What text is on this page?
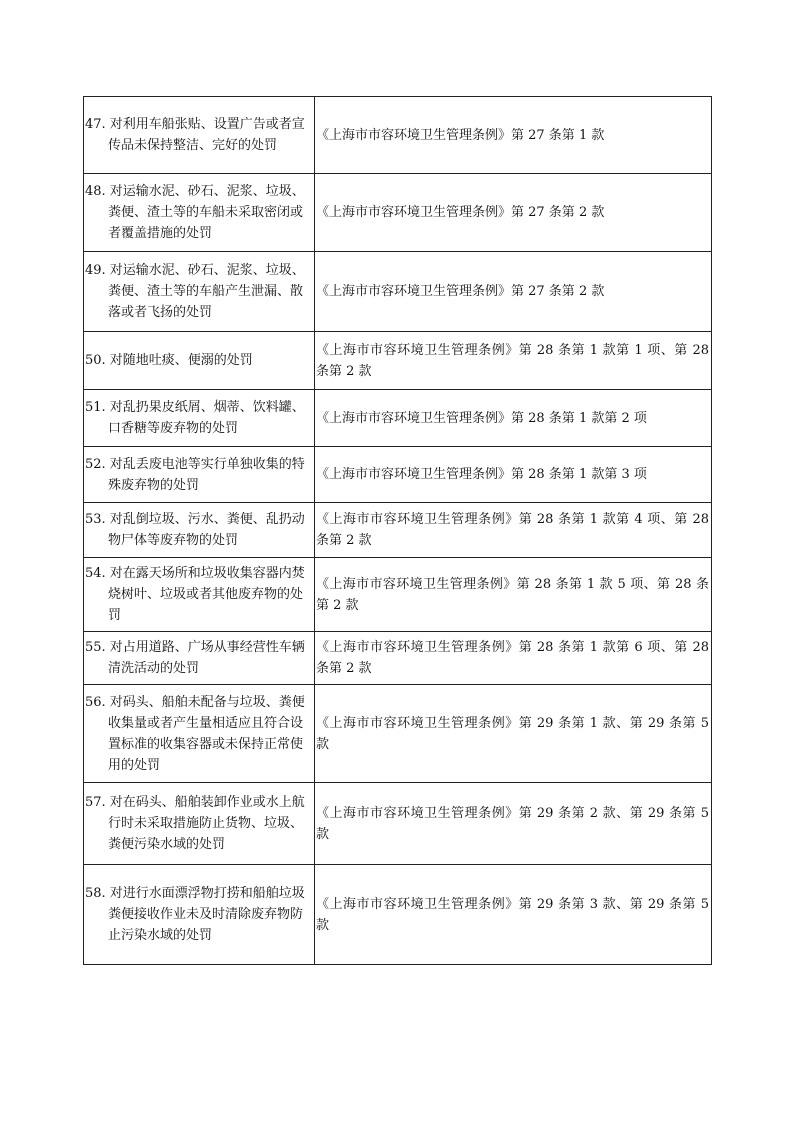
47. 对利用车船张贴、设置广告或者宣传品未保持整洁、完好的处罚	《上海市市容环境卫生管理条例》第 27 条第 1 款

48. 对运输水泥、砂石、泥浆、垃圾、粪便、渣土等的车船未采取密闭或者覆盖措施的处罚	《上海市市容环境卫生管理条例》第 27 条第 2 款

49. 对运输水泥、砂石、泥浆、垃圾、粪便、渣土等的车船产生泄漏、散落或者飞扬的处罚	《上海市市容环境卫生管理条例》第 27 条第 2 款

50. 对随地吐痰、便溺的处罚	《上海市市容环境卫生管理条例》第 28 条第 1 款第 1 项、第 28 条第 2 款

51. 对乱扔果皮纸屑、烟蒂、饮料罐、口香糖等废弃物的处罚	《上海市市容环境卫生管理条例》第 28 条第 1 款第 2 项

52. 对乱丢废电池等实行单独收集的特殊废弃物的处罚	《上海市市容环境卫生管理条例》第 28 条第 1 款第 3 项

53. 对乱倒垃圾、污水、粪便、乱扔动物尸体等废弃物的处罚	《上海市市容环境卫生管理条例》第 28 条第 1 款第 4 项、第 28 条第 2 款

54. 对在露天场所和垃圾收集容器内焚烧树叶、垃圾或者其他废弃物的处罚	《上海市市容环境卫生管理条例》第 28 条第 1 款 5 项、第 28 条第 2 款

55. 对占用道路、广场从事经营性车辆清洗活动的处罚	《上海市市容环境卫生管理条例》第 28 条第 1 款第 6 项、第 28 条第 2 款

56. 对码头、船舶未配备与垃圾、粪便收集量或者产生量相适应且符合设置标准的收集容器或未保持正常使用的处罚	《上海市市容环境卫生管理条例》第 29 条第 1 款、第 29 条第 5 款

57. 对在码头、船舶装卸作业或水上航行时未采取措施防止货物、垃圾、粪便污染水域的处罚	《上海市市容环境卫生管理条例》第 29 条第 2 款、第 29 条第 5 款

58. 对进行水面漂浮物打捞和船舶垃圾粪便接收作业未及时清除废弃物防止污染水域的处罚	《上海市市容环境卫生管理条例》第 29 条第 3 款、第 29 条第 5 款
